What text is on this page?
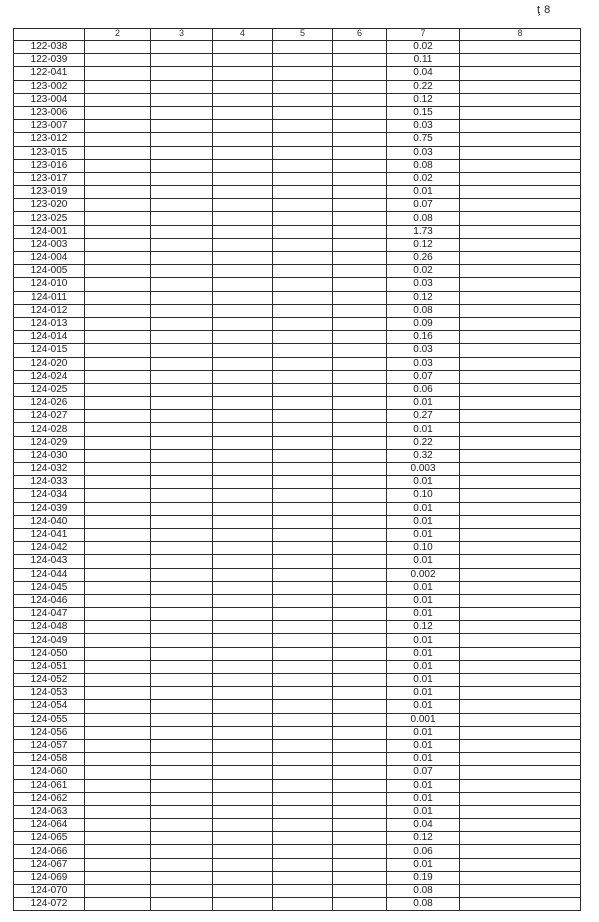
ţ 8
	2	3	4	5	6	7	8
122-038						0.02	
122-039						0.11	
122-041						0.04	
123-002						0.22	
123-004						0.12	
123-006						0.15	
123-007						0.03	
123-012						0.75	
123-015						0.03	
123-016						0.08	
123-017						0.02	
123-019						0.01	
123-020						0.07	
123-025						0.08	
124-001						1.73	
124-003						0.12	
124-004						0.26	
124-005						0.02	
124-010						0.03	
124-011						0.12	
124-012						0.08	
124-013						0.09	
124-014						0.16	
124-015						0.03	
124-020						0.03	
124-024						0.07	
124-025						0.06	
124-026						0.01	
124-027						0.27	
124-028						0.01	
124-029						0.22	
124-030						0.32	
124-032						0.003	
124-033						0.01	
124-034						0.10	
124-039						0.01	
124-040						0.01	
124-041						0.01	
124-042						0.10	
124-043						0.01	
124-044						0.002	
124-045						0.01	
124-046						0.01	
124-047						0.01	
124-048						0.12	
124-049						0.01	
124-050						0.01	
124-051						0.01	
124-052						0.01	
124-053						0.01	
124-054						0.01	
124-055						0.001	
124-056						0.01	
124-057						0.01	
124-058						0.01	
124-060						0.07	
124-061						0.01	
124-062						0.01	
124-063						0.01	
124-064						0.04	
124-065						0.12	
124-066						0.06	
124-067						0.01	
124-069						0.19	
124-070						0.08	
124-072						0.08	
